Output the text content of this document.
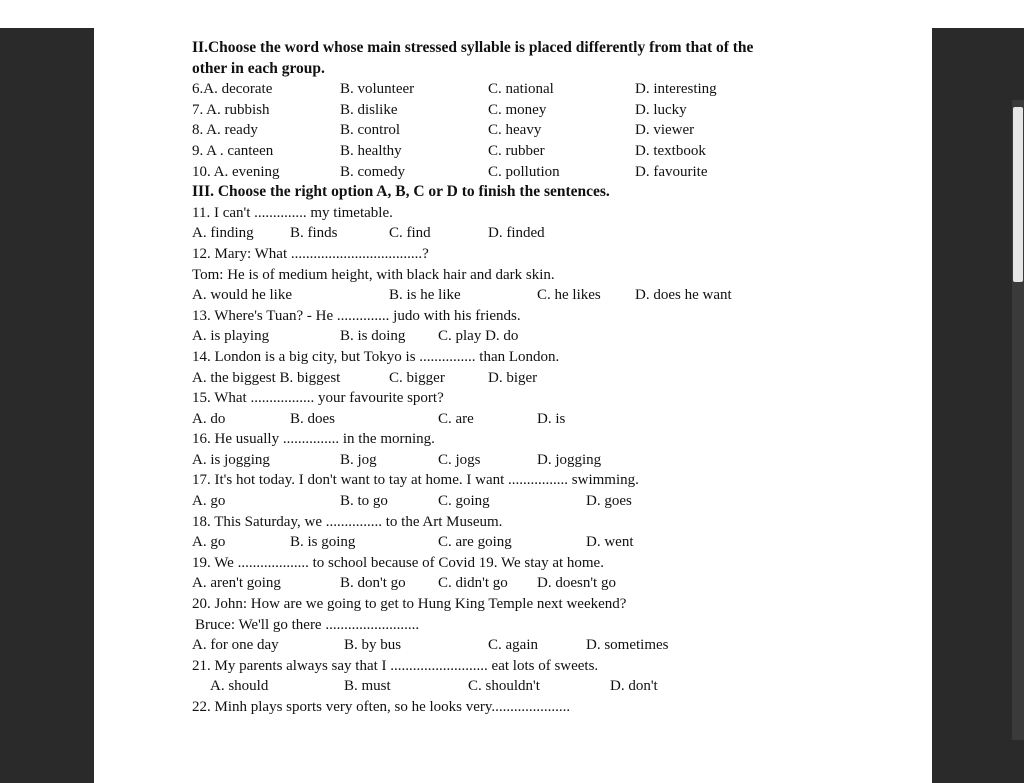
II.Choose the word whose main stressed syllable is placed differently from that of the
other in each group.
6.A. decorate	B. volunteer	C. national	D. interesting
7. A. rubbish	B. dislike	C. money	D. lucky
8. A. ready	B. control	C. heavy	D. viewer
9. A . canteen	B. healthy	C. rubber	D. textbook
10. A. evening	B. comedy	C. pollution	D. favourite
III. Choose the right option A, B, C or D to finish the sentences.
11. I can't .............. my timetable.
A. finding B. finds	C. find	D. finded
12. Mary: What ...................................?
Tom: He is of medium height, with black hair and dark skin.
A. would he like	B. is he like	C. he likes D. does he want
13. Where's Tuan? - He .............. judo with his friends.
A. is playing	B. is doing C. play D. do
14. London is a big city, but Tokyo is ............... than London.
A. the biggest B. biggest	C. bigger	D. biger
15. What ................. your favourite sport?
A. do	B. does	C. are	D. is
16. He usually ............... in the morning.
A. is jogging	B. jog	C. jogs	D. jogging
17. It's hot today. I don't want to tay at home. I want ................ swimming.
A. go	B. to go	C. going	D. goes
18. This Saturday, we ............... to the Art Museum.
A. go	B. is going	C. are going	D. went
19. We ................... to school because of Covid 19. We stay at home.
A. aren't going	B. don't go C. didn't go D. doesn't go
20. John: How are we going to get to Hung King Temple next weekend?
Bruce: We'll go there .........................
A. for one day	B. by bus	C. again	D. sometimes
21. My parents always say that I .......................... eat lots of sweets.
A. should	B. must	C. shouldn't	D. don't
22. Minh plays sports very often, so he looks very.....................
